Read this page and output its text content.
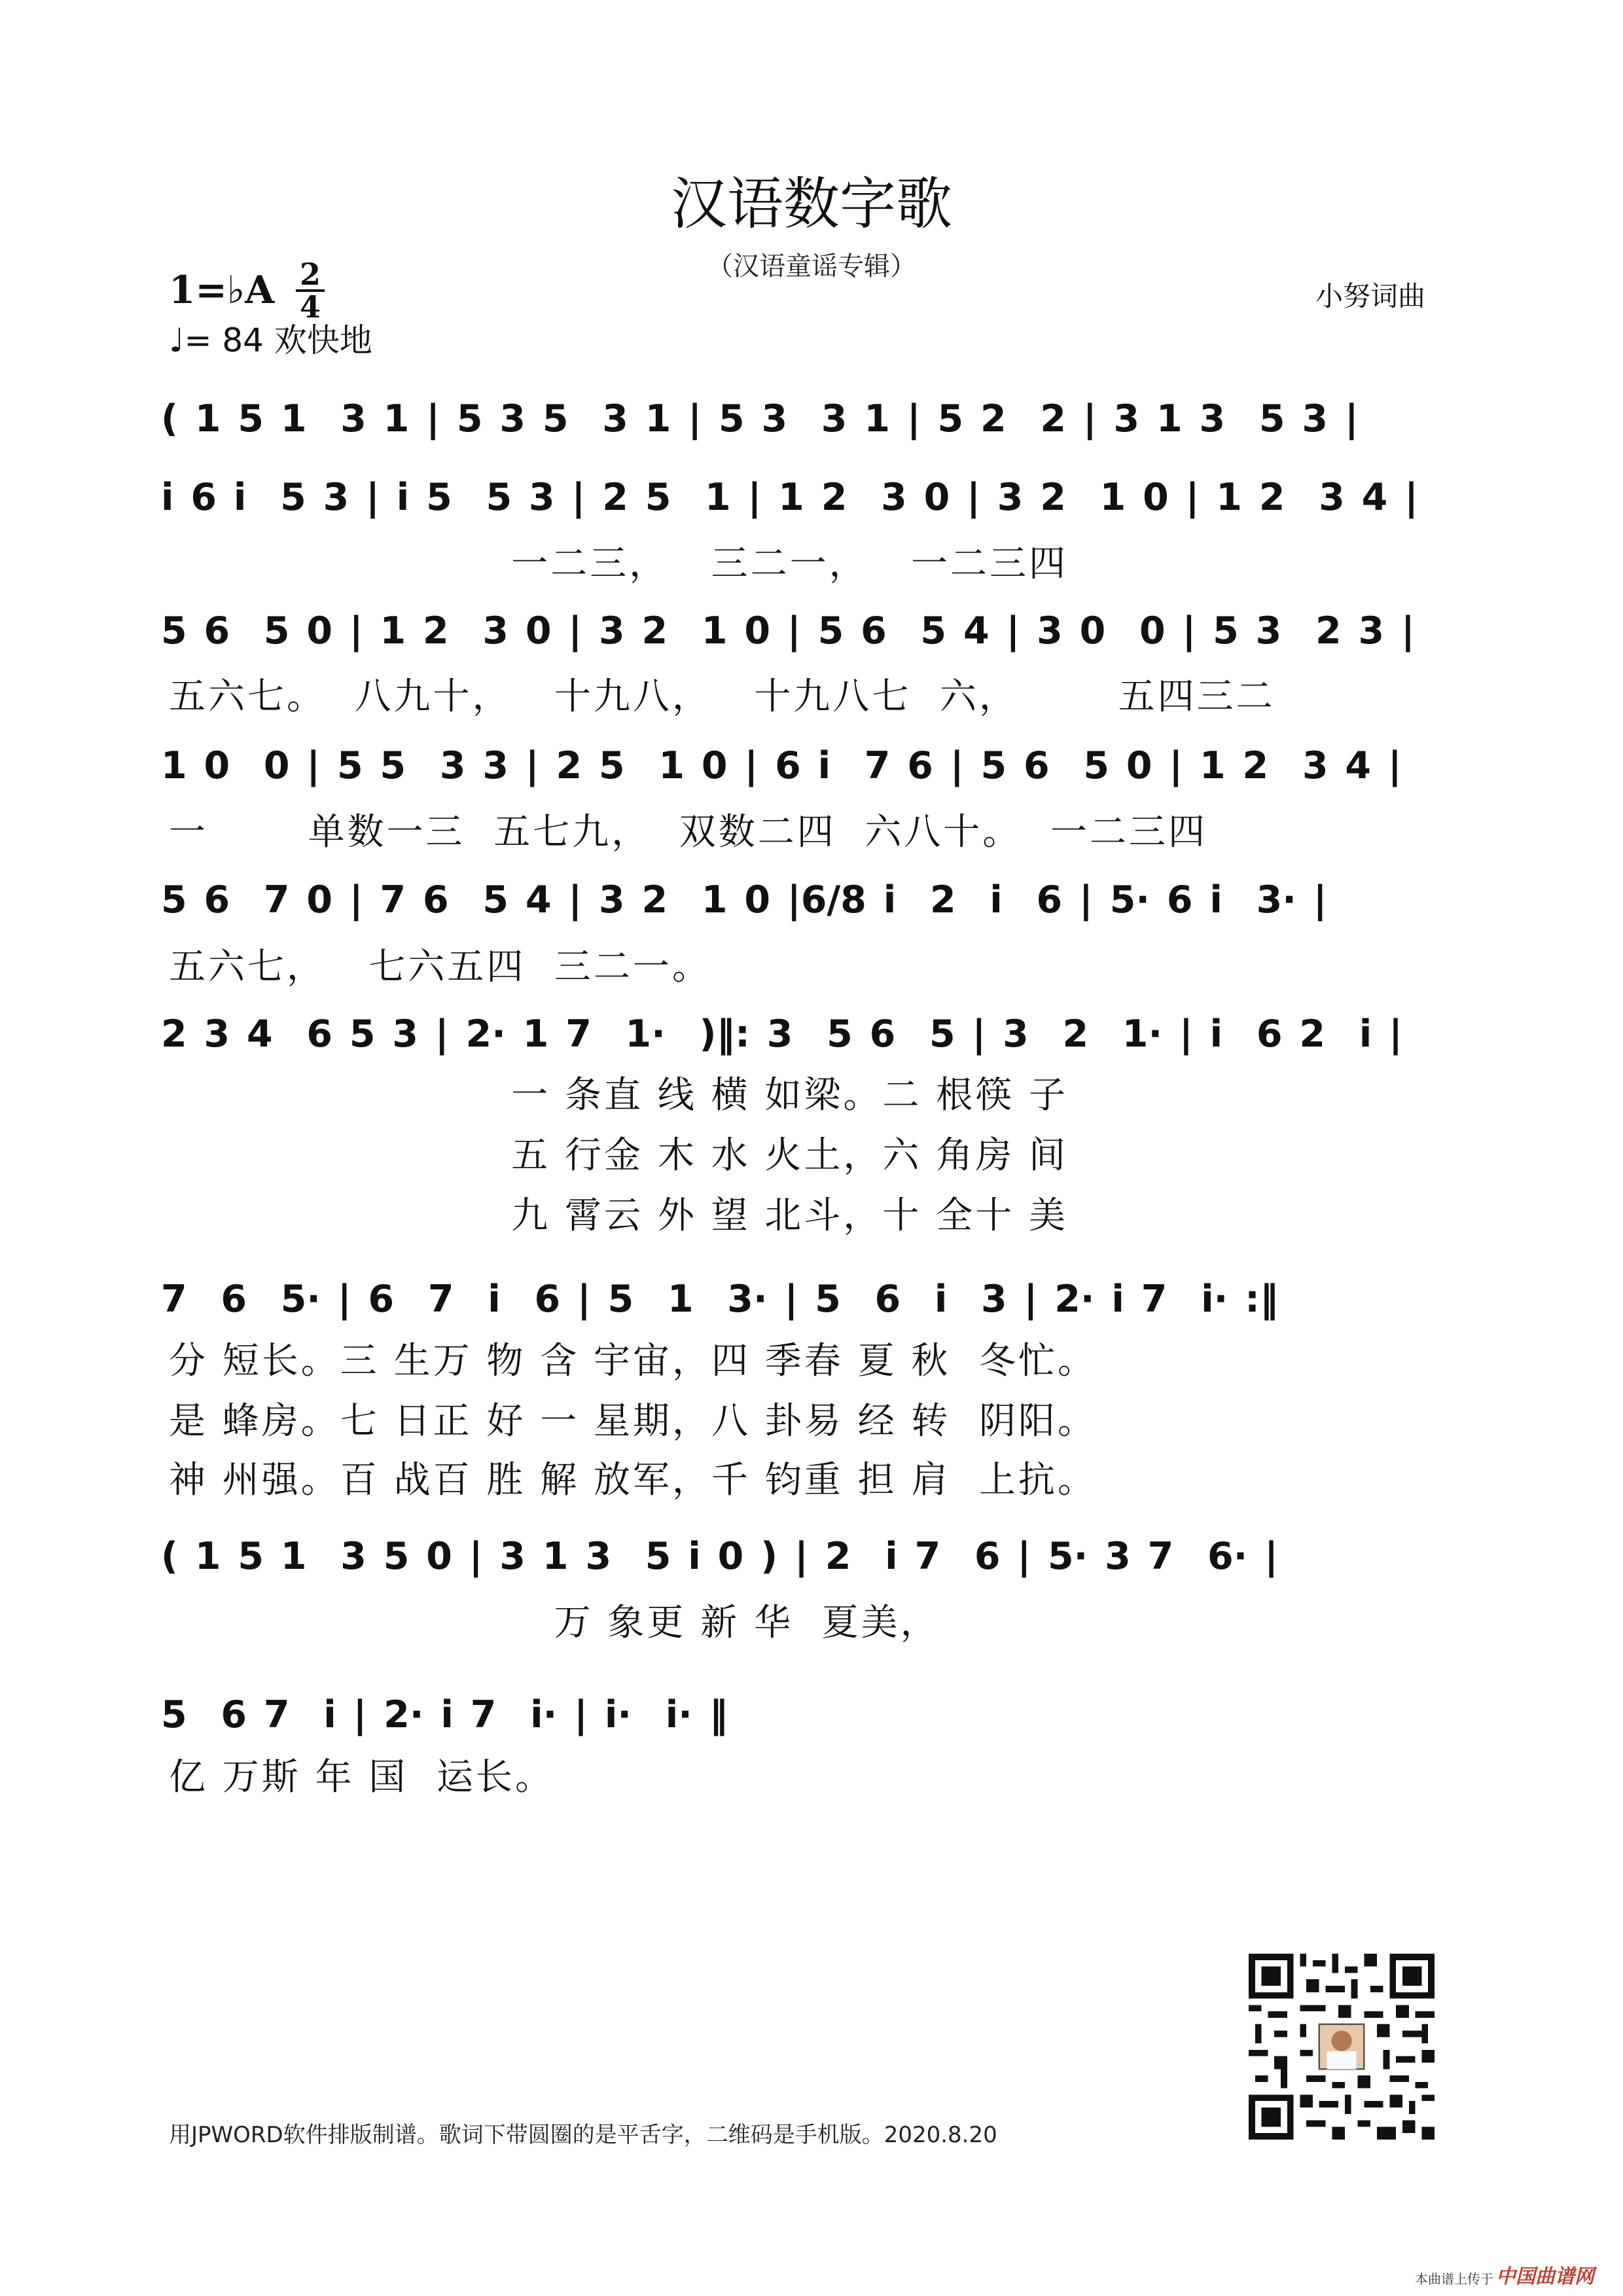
汉语数字歌
（汉语童谣专辑）
小努词曲
1=♭A 2
4
♩= 84 欢快地
( 1 5 1  3 1 | 5 3 5  3 1 | 5 3  3 1 | 5 2  2 | 3 1 3  5 3 |
i 6 i  5 3 | i 5  5 3 | 2 5  1 | 1 2  3 0 | 3 2  1 0 | 1 2  3 4 |
一二三，   三二一，   一二三四
5 6  5 0 | 1 2  3 0 | 3 2  1 0 | 5 6  5 4 | 3 0  0 | 5 3  2 3 |
五六七。  八九十，   十九八，   十九八七  六，       五四三二
1 0  0 | 5 5  3 3 | 2 5  1 0 | 6 i  7 6 | 5 6  5 0 | 1 2  3 4 |
一       单数一三  五七九，  双数二四  六八十。  一二三四
5 6  7 0 | 7 6  5 4 | 3 2  1 0 |6/8 i  2  i  6 | 5· 6 i  3· |
五六七，   七六五四  三二一。
2 3 4  6 5 3 | 2· 1 7  1·  )‖: 3  5 6  5 | 3  2  1· | i  6 2  i |
一 条直 线 横 如梁。二 根筷 子
五 行金 木 水 火土，六 角房 间
九 霄云 外 望 北斗，十 全十 美
7  6  5· | 6  7  i  6 | 5  1  3· | 5  6  i  3 | 2· i 7  i· :‖
分 短长。三 生万 物 含 宇宙，四 季春 夏 秋  冬忙。
是 蜂房。七 日正 好 一 星期，八 卦易 经 转  阴阳。
神 州强。百 战百 胜 解 放军，千 钧重 担 肩  上抗。
( 1 5 1  3 5 0 | 3 1 3  5 i 0 ) | 2  i 7  6 | 5· 3 7  6· |
万 象更 新 华  夏美，
5  6 7  i | 2· i 7  i· | i·  i· ‖
亿 万斯 年 国  运长。
用JPWORD软件排版制谱。歌词下带圆圈的是平舌字，二维码是手机版。2020.8.20
本曲谱上传于 中国曲谱网
